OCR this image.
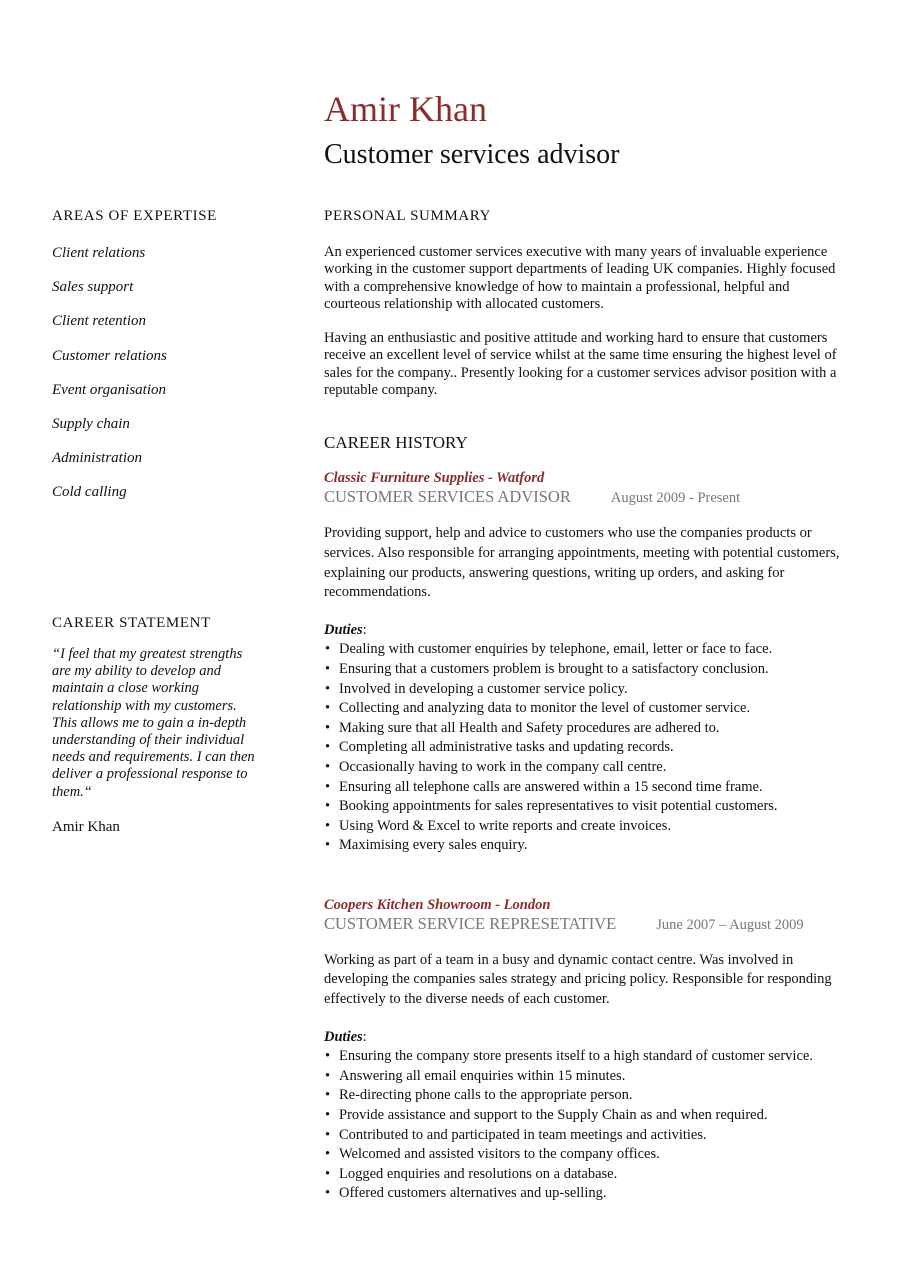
Amir Khan
Customer services advisor
AREAS OF EXPERTISE
Client relations
Sales support
Client retention
Customer relations
Event organisation
Supply chain
Administration
Cold calling
CAREER STATEMENT

“I feel that my greatest strengths are my ability to develop and maintain a close working relationship with my customers. This allows me to gain a in-depth understanding of their individual needs and requirements. I can then deliver a professional response to them.“

Amir Khan
PERSONAL SUMMARY

An experienced customer services executive with many years of invaluable experience working in the customer support departments of leading UK companies. Highly focused with a comprehensive knowledge of how to maintain a professional, helpful and courteous relationship with allocated customers.

Having an enthusiastic and positive attitude and working hard to ensure that customers receive an excellent level of service whilst at the same time ensuring the highest level of sales for the company.. Presently looking for a customer services advisor position with a reputable company.

CAREER HISTORY
Classic Furniture Supplies - Watford
CUSTOMER SERVICES ADVISOR	August 2009 - Present

Providing support, help and advice to customers who use the companies products or services. Also responsible for arranging appointments, meeting with potential customers, explaining our products, answering questions, writing up orders, and asking for recommendations.

Duties:
• Dealing with customer enquiries by telephone, email, letter or face to face.
• Ensuring that a customers problem is brought to a satisfactory conclusion.
• Involved in developing a customer service policy.
• Collecting and analyzing data to monitor the level of customer service.
• Making sure that all Health and Safety procedures are adhered to.
• Completing all administrative tasks and updating records.
• Occasionally having to work in the company call centre.
• Ensuring all telephone calls are answered within a 15 second time frame.
• Booking appointments for sales representatives to visit potential customers.
• Using Word & Excel to write reports and create invoices.
• Maximising every sales enquiry.
Coopers Kitchen Showroom - London
CUSTOMER SERVICE REPRESETATIVE	June 2007 – August 2009

Working as part of a team in a busy and dynamic contact centre. Was involved in developing the companies sales strategy and pricing policy. Responsible for responding effectively to the diverse needs of each customer.

Duties:
• Ensuring the company store presents itself to a high standard of customer service.
• Answering all email enquiries within 15 minutes.
• Re-directing phone calls to the appropriate person.
• Provide assistance and support to the Supply Chain as and when required.
• Contributed to and participated in team meetings and activities.
• Welcomed and assisted visitors to the company offices.
• Logged enquiries and resolutions on a database.
• Offered customers alternatives and up-selling.
